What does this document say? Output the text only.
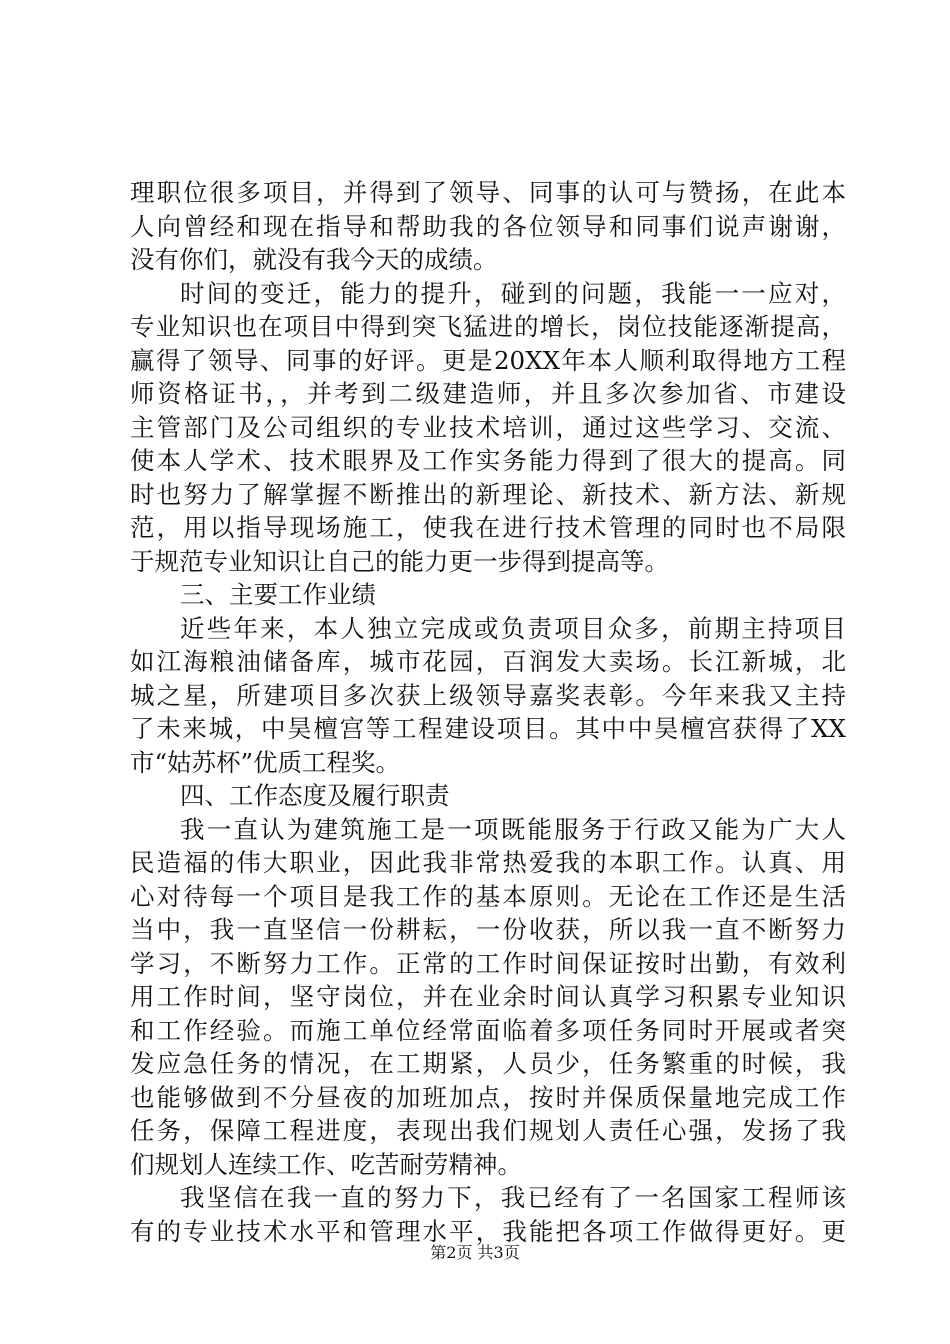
理职位很多项目，并得到了领导、同事的认可与赞扬，在此本
人向曾经和现在指导和帮助我的各位领导和同事们说声谢谢，
没有你们，就没有我今天的成绩。
时间的变迁，能力的提升，碰到的问题，我能一一应对，
专业知识也在项目中得到突飞猛进的增长，岗位技能逐渐提高，
赢得了领导、同事的好评。更是20XX年本人顺利取得地方工程
师资格证书，，并考到二级建造师，并且多次参加省、市建设
主管部门及公司组织的专业技术培训，通过这些学习、交流、
使本人学术、技术眼界及工作实务能力得到了很大的提高。同
时也努力了解掌握不断推出的新理论、新技术、新方法、新规
范，用以指导现场施工，使我在进行技术管理的同时也不局限
于规范专业知识让自己的能力更一步得到提高等。
三、主要工作业绩
近些年来，本人独立完成或负责项目众多，前期主持项目
如江海粮油储备库，城市花园，百润发大卖场。长江新城，北
城之星，所建项目多次获上级领导嘉奖表彰。今年来我又主持
了未来城，中昊檀宫等工程建设项目。其中中昊檀宫获得了XX
市“姑苏杯”优质工程奖。
四、工作态度及履行职责
我一直认为建筑施工是一项既能服务于行政又能为广大人
民造福的伟大职业，因此我非常热爱我的本职工作。认真、用
心对待每一个项目是我工作的基本原则。无论在工作还是生活
当中，我一直坚信一份耕耘，一份收获，所以我一直不断努力
学习，不断努力工作。正常的工作时间保证按时出勤，有效利
用工作时间，坚守岗位，并在业余时间认真学习积累专业知识
和工作经验。而施工单位经常面临着多项任务同时开展或者突
发应急任务的情况，在工期紧，人员少，任务繁重的时候，我
也能够做到不分昼夜的加班加点，按时并保质保量地完成工作
任务，保障工程进度，表现出我们规划人责任心强，发扬了我
们规划人连续工作、吃苦耐劳精神。
我坚信在我一直的努力下，我已经有了一名国家工程师该
有的专业技术水平和管理水平，我能把各项工作做得更好。更
第2页 共3页
